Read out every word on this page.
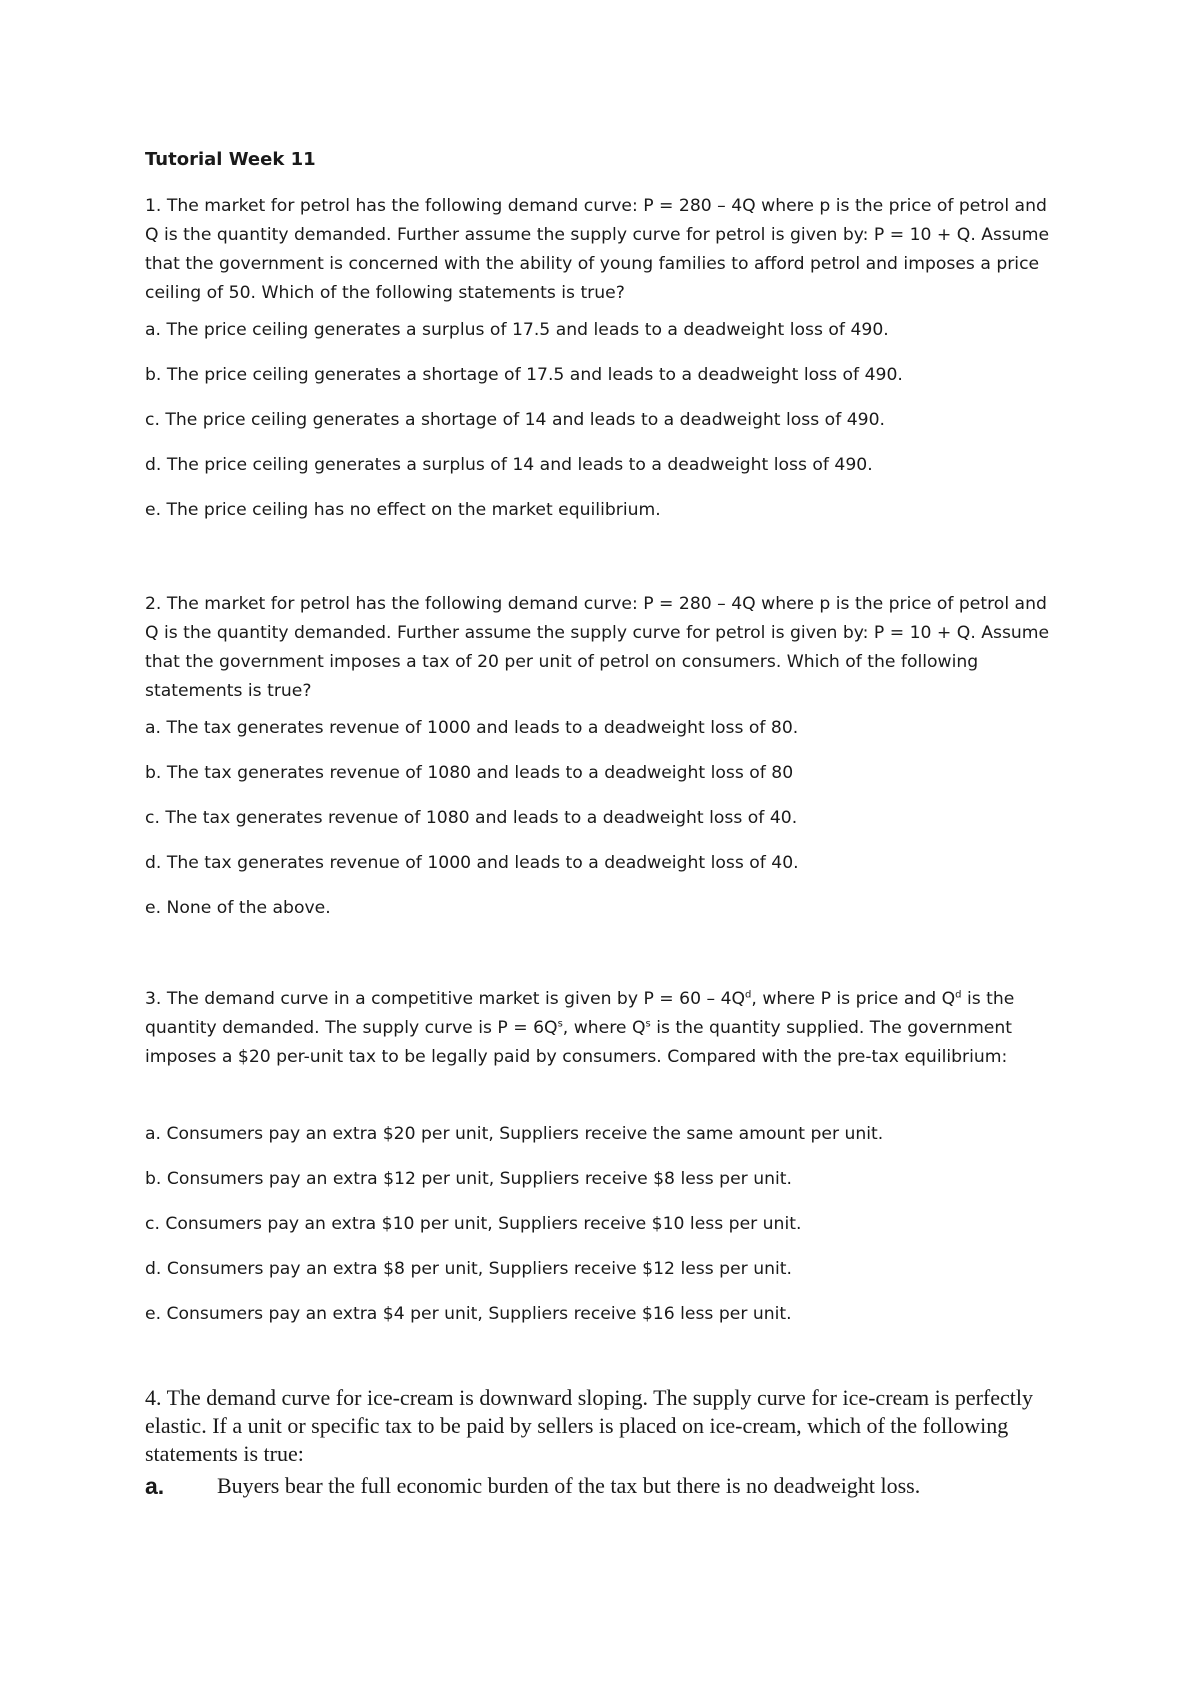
Tutorial Week 11

1. The market for petrol has the following demand curve: P = 280 – 4Q where p is the price of petrol and Q is the quantity demanded. Further assume the supply curve for petrol is given by: P = 10 + Q. Assume that the government is concerned with the ability of young families to afford petrol and imposes a price ceiling of 50. Which of the following statements is true?

a. The price ceiling generates a surplus of 17.5 and leads to a deadweight loss of 490.

b. The price ceiling generates a shortage of 17.5 and leads to a deadweight loss of 490.

c. The price ceiling generates a shortage of 14 and leads to a deadweight loss of 490.

d. The price ceiling generates a surplus of 14 and leads to a deadweight loss of 490.

e. The price ceiling has no effect on the market equilibrium.

2. The market for petrol has the following demand curve: P = 280 – 4Q where p is the price of petrol and Q is the quantity demanded. Further assume the supply curve for petrol is given by: P = 10 + Q. Assume that the government imposes a tax of 20 per unit of petrol on consumers. Which of the following statements is true?

a. The tax generates revenue of 1000 and leads to a deadweight loss of 80.

b. The tax generates revenue of 1080 and leads to a deadweight loss of 80

c. The tax generates revenue of 1080 and leads to a deadweight loss of 40.

d. The tax generates revenue of 1000 and leads to a deadweight loss of 40.

e. None of the above.

3. The demand curve in a competitive market is given by $P = 60 - 4Q^d$, where P is price and $Q^d$ is the quantity demanded. The supply curve is $P = 6Q^s$, where $Q^s$ is the quantity supplied. The government imposes a $20 per-unit tax to be legally paid by consumers. Compared with the pre-tax equilibrium:

a. Consumers pay an extra $20 per unit, Suppliers receive the same amount per unit.

b. Consumers pay an extra $12 per unit, Suppliers receive $8 less per unit.

c. Consumers pay an extra $10 per unit, Suppliers receive $10 less per unit.

d. Consumers pay an extra $8 per unit, Suppliers receive $12 less per unit.

e. Consumers pay an extra $4 per unit, Suppliers receive $16 less per unit.

4. The demand curve for ice-cream is downward sloping. The supply curve for ice-cream is perfectly elastic. If a unit or specific tax to be paid by sellers is placed on ice-cream, which of the following statements is true:

a.	Buyers bear the full economic burden of the tax but there is no deadweight loss.
